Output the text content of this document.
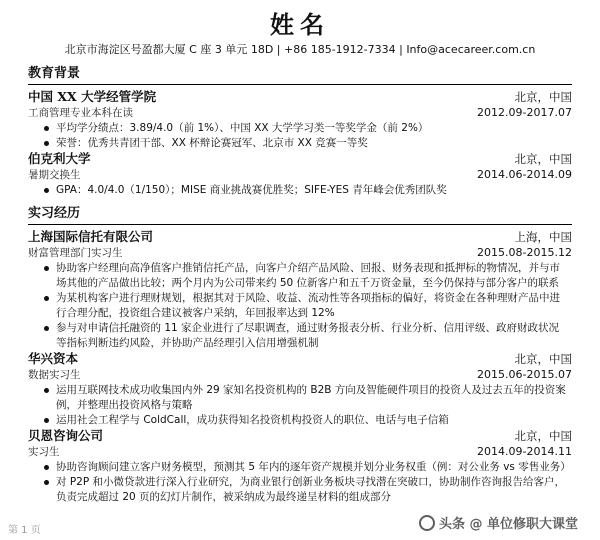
姓名
北京市海淀区号盈都大厦 C 座 3 单元 18D | +86 185-1912-7334 | Info@acecareer.com.cn
教育背景
中国 XX 大学经管学院	北京，中国
工商管理专业本科在读	2012.09-2017.07
平均学分绩点：3.89/4.0（前 1%）、中国 XX 大学学习类一等奖学金（前 2%）
荣誉：优秀共青团干部、XX 杯辩论赛冠军、北京市 XX 竞赛一等奖
伯克利大学	北京，中国
暑期交换生	2014.06-2014.09
GPA：4.0/4.0（1/150）；MISE 商业挑战赛优胜奖；SIFE-YES 青年峰会优秀团队奖
实习经历
上海国际信托有限公司	上海，中国
财富管理部门实习生	2015.08-2015.12
协助客户经理向高净值客户推销信托产品，向客户介绍产品风险、回报、财务表现和抵押标的物情况，并与市场其他的产品做出比较；两个月内为公司带来约 50 位新客户和五千万资金量，至今仍保持与部分客户的联系
为某机构客户进行理财规划，根据其对于风险、收益、流动性等各项指标的偏好，将资金在各种理财产品中进行合理分配，投资组合建议被客户采纳，年回报率达到 12%
参与对申请信托融资的 11 家企业进行了尽职调查，通过财务报表分析、行业分析、信用评级、政府财政状况等指标判断违约风险，并协助产品经理引入信用增强机制
华兴资本	北京，中国
数据实习生	2015.06-2015.07
运用互联网技术成功收集国内外 29 家知名投资机构的 B2B 方向及智能硬件项目的投资人及过去五年的投资案例，并整理出投资风格与策略
运用社会工程学与 ColdCall，成功获得知名投资机构投资人的职位、电话与电子信箱
贝恩咨询公司	北京，中国
实习生	2014.09-2014.11
协助咨询顾问建立客户财务模型，预测其 5 年内的逐年资产规模并划分业务权重（例：对公业务 vs 零售业务）
对 P2P 和小微贷款进行深入行业研究，为商业银行创新业务板块寻找潜在突破口，协助制作咨询报告给客户，负责完成超过 20 页的幻灯片制作，被采纳成为最终递呈材料的组成部分
第 1 页	头条 @ 单位修职大课堂
